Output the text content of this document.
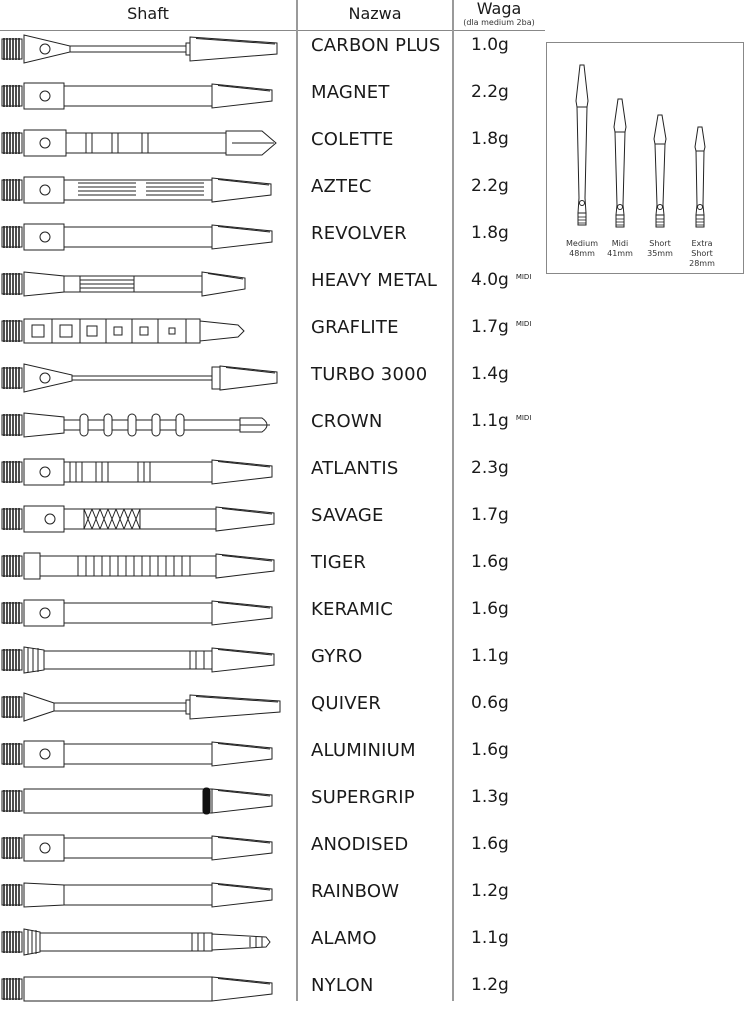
Shaft	Nazwa	Waga
(dla medium 2ba)
CARBON PLUS 1.0g
MAGNET	2.2g
COLETTE	1.8g
AZTEC	2.2g
REVOLVER	1.8g
HEAVY METAL 4.0g $^{MIDI}$
GRAFLITE	1.7g $^{MIDI}$
TURBO 3000	1.4g
CROWN	1.1g $^{MIDI}$
ATLANTIS	2.3g
SAVAGE	1.7g
TIGER	1.6g
KERAMIC	1.6g
GYRO	1.1g
QUIVER	0.6g
ALUMINIUM	1.6g
SUPERGRIP	1.3g
ANODISED	1.6g
RAINBOW	1.2g
ALAMO	1.1g
NYLON	1.2g
Medium
48mm
Midi
41mm
Short
35mm
Extra Short
28mm
